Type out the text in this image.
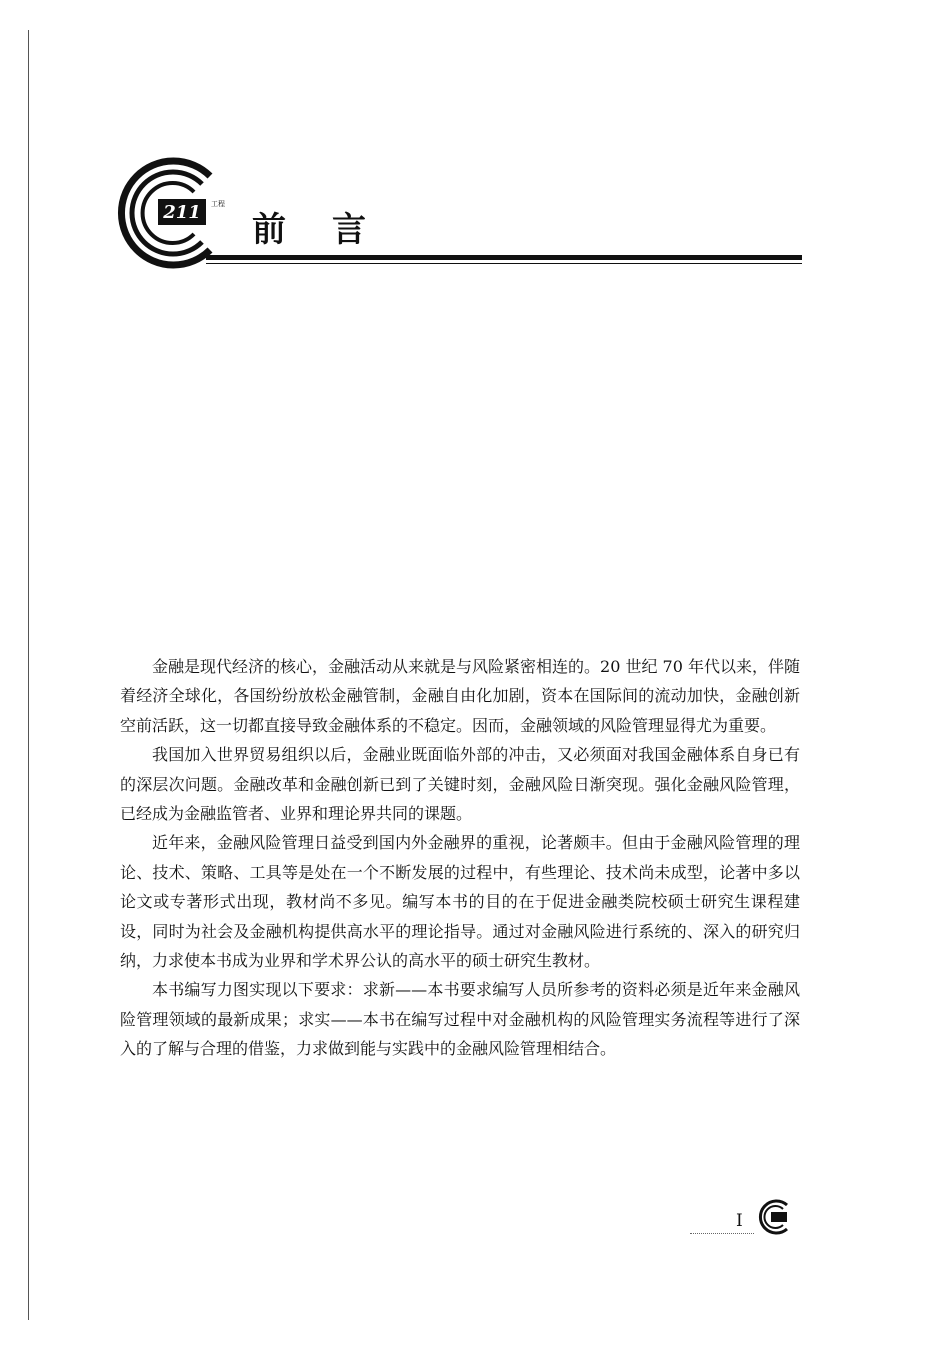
211 工程
前言

金融是现代经济的核心，金融活动从来就是与风险紧密相连的。20 世纪 70 年代以来，伴随着经济全球化，各国纷纷放松金融管制，金融自由化加剧，资本在国际间的流动加快，金融创新空前活跃，这一切都直接导致金融体系的不稳定。因而，金融领域的风险管理显得尤为重要。

我国加入世界贸易组织以后，金融业既面临外部的冲击，又必须面对我国金融体系自身已有的深层次问题。金融改革和金融创新已到了关键时刻，金融风险日渐突现。强化金融风险管理，已经成为金融监管者、业界和理论界共同的课题。

近年来，金融风险管理日益受到国内外金融界的重视，论著颇丰。但由于金融风险管理的理论、技术、策略、工具等是处在一个不断发展的过程中，有些理论、技术尚未成型，论著中多以论文或专著形式出现，教材尚不多见。编写本书的目的在于促进金融类院校硕士研究生课程建设，同时为社会及金融机构提供高水平的理论指导。通过对金融风险进行系统的、深入的研究归纳，力求使本书成为业界和学术界公认的高水平的硕士研究生教材。

本书编写力图实现以下要求：求新——本书要求编写人员所参考的资料必须是近年来金融风险管理领域的最新成果；求实——本书在编写过程中对金融机构的风险管理实务流程等进行了深入的了解与合理的借鉴，力求做到能与实践中的金融风险管理相结合。

I
